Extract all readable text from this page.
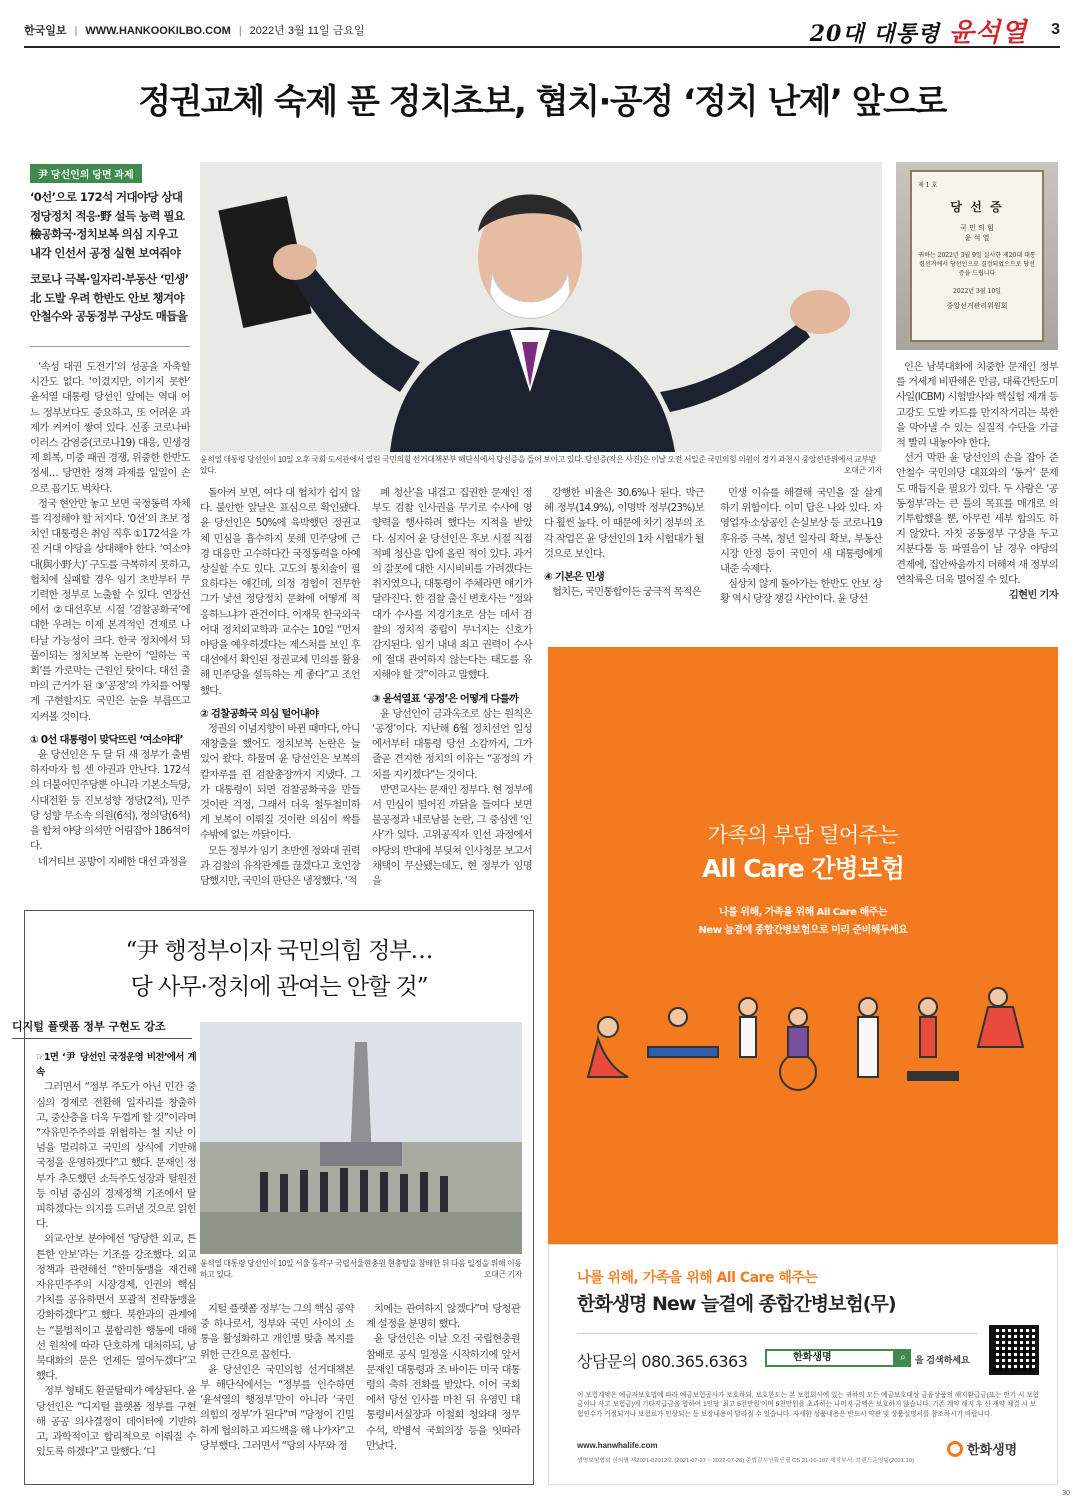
한국일보 | WWW.HANKOOKILBO.COM | 2022년 3월 11일 금요일	20대 대통령 윤석열 3
정권교체 숙제 푼 정치초보, 협치·공정 ‘정치 난제’ 앞으로
尹 당선인의 당면 과제

‘0선’으로 172석 거대야당 상대 정당정치 적응·野 설득 능력 필요 檢공화국·정치보복 의심 지우고 내각 인선서 공정 실현 보여줘야

코로나 극복·일자리·부동산 ‘민생’ 北 도발 우려 한반도 안보 챙겨야 안철수와 공동정부 구상도 매듭을

윤석열 대통령 당선인이 10일 오후 국회 도서관에서 열린 국민의힘 선거대책본부 해단식에서 당선증을 들어 보이고 있다. 당선증(작은 사진)은 이날 오전 서일준 국민의힘 의원이 경기 과천시 중앙선관위에서 교부받았다.	오대근 기자
제 1 호
당 선 증
국 민 의 힘
윤 석 열
귀하는 2022년 3월 9일 실시한 제20대 대통령선거에서 당선인으로 결정되었으므로 당선증을 드립니다
2022년 3월 10일
중앙선거관리위원회

‘속성 대권 도전기’의 성공을 자축할 시간도 없다. ‘이겼지만, 이기지 못한’ 윤석열 대통령 당선인 앞에는 역대 어느 정부보다도 중요하고, 또 어려운 과제가 켜켜이 쌓여 있다. 신종 코로나바이러스 감염증(코로나19) 대응, 민생경제 회복, 미중 패권 경쟁, 위중한 한반도 정세… 당면한 정책 과제를 일일이 손으로 꼽기도 벅차다.

정국 현안만 놓고 보면 국정동력 자체를 걱정해야 할 처지다. ‘0선’의 초보 정치인 대통령은 취임 직후 ①172석을 가진 거대 야당을 상대해야 한다. ‘여소야대(與小野大)’ 구도를 극복하지 못하고, 협치에 실패할 경우 임기 초반부터 무기력한 정부로 노출할 수 있다. 연장선에서 ②대선후보 시절 ‘검찰공화국’에 대한 우려는 이제 본격적인 견제로 나타날 가능성이 크다. 한국 정치에서 되풀이되는 정치보복 논란이 ‘일하는 국회’를 가로막는 근원인 탓이다. 대선 출마의 근거가 된 ③‘공정’의 가치를 어떻게 구현할지도 국민은 눈을 부릅뜨고 지켜볼 것이다.

① 0선 대통령이 맞닥뜨린 ‘여소야대’

윤 당선인은 두 달 뒤 새 정부가 출범하자마자 힘 센 야권과 만난다. 172석의 더불어민주당뿐 아니라 기본소득당, 시대전환 등 진보성향 정당(2석), 민주당 성향 무소속 의원(6석), 정의당(6석)을 합쳐 야당 의석만 어림잡아 186석이다.

네거티브 공방이 지배한 대선 과정을

돌아켜 보면, 여다 대 협치가 쉽지 않다. 불안한 앞날은 표심으로 확인됐다. 윤 당선인은 50%에 육박했던 정권교체 민심을 흡수하지 못해 민주당에 근경 대응만 고수하다간 국정동력을 아예 상실할 수도 있다. 고도의 통치술이 필요하다는 얘긴데, 의정 경험이 전무한 그가 낯선 정당정치 문화에 어떻게 적응하느냐가 관건이다. 이재묵 한국외국어대 정치외교학과 교수는 10일 “먼저 야당을 예우하겠다는 제스처를 보인 후 대선에서 확인된 정권교체 민의를 활용해 민주당을 설득하는 게 좋다”고 조언했다.

② 검찰공화국 의심 털어내야

정권의 이념지향이 바뀐 때마다, 아니 재창출을 했어도 정치보복 논란은 늘 있어 왔다. 하물며 윤 당선인은 보복의 칼자루를 쥔 검찰총장까지 지냈다. 그가 대통령이 되면 검찰공화국을 만들 것이란 걱정, 그래서 더욱 철두철미하게 보복이 이뤄질 것이란 의심이 싹틀 수밖에 없는 까닭이다.

모든 정부가 임기 초반엔 정와대 권력과 검찰의 유착관계를 끊겠다고 호언장담했지만, 국민의 판단은 냉정했다. ‘적

폐 청산’을 내걸고 집권한 문재인 정부도 검찰 인사권을 무기로 수사에 영향력을 행사하려 했다는 지적을 받았다. 심지어 윤 당선인은 후보 시절 직접 적폐 청산을 입에 올린 적이 있다. 과거의 잘못에 대한 시시비비를 가려겠다는 취지였으나, 대통령이 주체라면 얘기가 달라진다. 한 검찰 출신 변호사는 “정와대가 수사를 지경기초로 삼는 데서 검찰의 정치적 중립이 무너지는 신호가 감지된다. 임기 내내 최고 권력이 수사에 절대 관여하지 않는다는 태도를 유지해야 할 것”이라고 말했다.

③ 윤석열표 ‘공정’은 어떻게 다를까

윤 당선인이 금과옥조로 삼는 원칙은 ‘공정’이다. 지난해 6월 정치선언 일성에서부터 대통령 당선 소감까지, 그가 줄곧 견지한 정치의 이유는 “공정의 가치를 지키겠다”는 것이다.

반면교사는 문재인 정부다. 현 정부에서 민심이 떨어진 까닭을 들여다 보면 불공정과 내로남불 논란, 그 중심엔 ‘인사’가 있다. 고위공직자 인선 과정에서 야당의 반대에 부딪쳐 인사청문 보고서 채택이 무산됐는데도, 현 정부가 임명을

강행한 비율은 30.6%나 된다. 박근혜 정부(14.9%), 이명박 정부(23%)보다 훨씬 높다. 이 때문에 차기 정부의 조각 작업은 윤 당선인의 1차 시험대가 될 것으로 보인다.

④ 기본은 민생

협치든, 국민통합이든 궁극적 목적은

민생 이슈를 해결해 국민을 잘 살게 하기 위함이다. 이미 답은 나와 있다. 자영업자·소상공인 손실보상 등 코로나19 후유증 극복, 청년 일자리 확보, 부동산 시장 안정 등이 국민이 새 대통령에게 내준 숙제다.

심상치 않게 돌아가는 한반도 안보 상황 역시 당장 챙길 사안이다. 윤 당선

인은 남북대화에 치중한 문재인 정부를 거세게 비판해온 만큼, 대륙간탄도미사일(ICBM) 시험발사와 핵실험 재개 등 고강도 도발 카드를 만지작거리는 북한을 막아낼 수 있는 실질적 수단을 가급적 빨리 내놓아야 한다.

선거 막판 윤 당선인의 손을 잡아 준 안철수 국민의당 대표와의 ‘동거’ 문제도 매듭지을 필요가 있다. 두 사람은 ‘공동정부’라는 큰 틀의 목표를 매개로 의기투합했을 뿐, 아무런 세부 합의도 하지 않았다. 자칫 공동정부 구상을 두고 지분다툼 등 파열음이 날 경우 야당의 견제에, 집안싸움까지 더해져 새 정부의 연착륙은 더욱 멀어질 수 있다.

김현빈 기자

“尹 행정부이자 국민의힘 정부…
당 사무·정치에 관여는 안할 것”
디지털 플랫폼 정부 구현도 강조

☞1면 ‘尹 당선인 국정운영 비전’에서 계속

그러면서 “정부 주도가 아닌 민간 중심의 경제로 전환해 일자리를 창출하고, 중산층을 더욱 두껍게 할 것”이라며 “자유민주주의를 위협하는 철 지난 이념을 멀리하고 국민의 상식에 기반해 국정을 운영하겠다”고 했다. 문재인 정부가 추도했던 소득주도성장과 탈원전 등 이념 중심의 경제정책 기조에서 탈피하겠다는 의지를 드러낸 것으로 읽힌다.

외교·안보 분야에선 ‘당당한 외교, 튼튼한 안보’라는 기조를 강조했다. 외교 정책과 관련해선 “한미동맹을 재건해 자유민주주의 시장경제, 인권의 핵심 가치를 공유하면서 포괄적 전략동맹을 강화하겠다”고 했다. 북한과의 관계에는 “불법적이고 불합리한 행동에 대해선 원칙에 따라 단호하게 대처하되, 남북대화의 문은 언제든 열어두겠다”고 했다.

정부 형태도 환골탈태가 예상된다. 윤 당선인은 “디지털 플랫폼 정부를 구현해 공공 의사결정이 데이터에 기반하고, 과학적이고 합리적으로 이뤄질 수 있도록 하겠다”고 말했다. ‘디

윤석열 대통령 당선인이 10일 서울 동작구 국립서울현충원 현충탑을 참배한 뒤 다음 일정을 위해 이동하고 있다.	오대근 기자

지털 플랫폼 정부’는 그의 핵심 공약 중 하나로서, 정부와 국민 사이의 소통을 활성화하고 개인별 맞춤 복지를 위한 근간으로 꼽힌다.

윤 당선인은 국민의힘 선거대책본부 해단식에서는 “정부를 인수하면 ‘윤석열의 행정부’만이 아니라 ‘국민의힘의 정부’가 된다”며 “당정이 긴밀하게 협의하고 피드백을 해 나가자”고 당부했다. 그러면서 “당의 사무와 정

치에는 관여하지 않겠다”며 당청관계 설정을 분명히 했다.

윤 당선인은 이날 오전 국립현충원 참배로 공식 일정을 시작하기에 앞서 문재인 대통령과 조 바이든 미국 대통령의 축하 전화를 받았다. 이어 국회에서 당선 인사를 마친 뒤 유영민 대통령비서실장과 이철희 청와대 정무수석, 박병석 국회의장 등을 잇따라 만났다.

가족의 부담 덜어주는
All Care 간병보험
나를 위해, 가족을 위해 All Care 해주는
New 늘곁에 종합간병보험으로 미리 준비해두세요
나를 위해, 가족을 위해 All Care 해주는
한화생명 New 늘곁에 종합간병보험(무)
상담문의 080.365.6363	한화생명	⌕	을 검색하세요
이 보험계약은 예금자보호법에 따라 예금보험공사가 보호하되, 보호한도는 본 보험회사에 있는 귀하의 모든 예금보호대상 금융상품의 해지환급금(또는 만기 시 보험금이나 사고 보험금)에 기타지급금을 합하여 1인당 '최고 5천만원'이며 5천만원을 초과하는 나머지 금액은 보호하지 않습니다. 기존 계약 해지 후 신 계약 체결 시 보험인수가 거절되거나 보험료가 인상되는 등 보장내용이 달라질 수 있습니다. 자세한 상품내용은 반드시 약관 및 상품설명서를 참조하시기 바랍니다.
www.hanwhalife.com
생명보험협회 심의필 제2021-02912호 (2021-07-27 ~ 2022-07-26) 준법감시인확인필 CS 21-10-107 제작부서: 브랜드운영팀(2021.10)
한화생명
30
